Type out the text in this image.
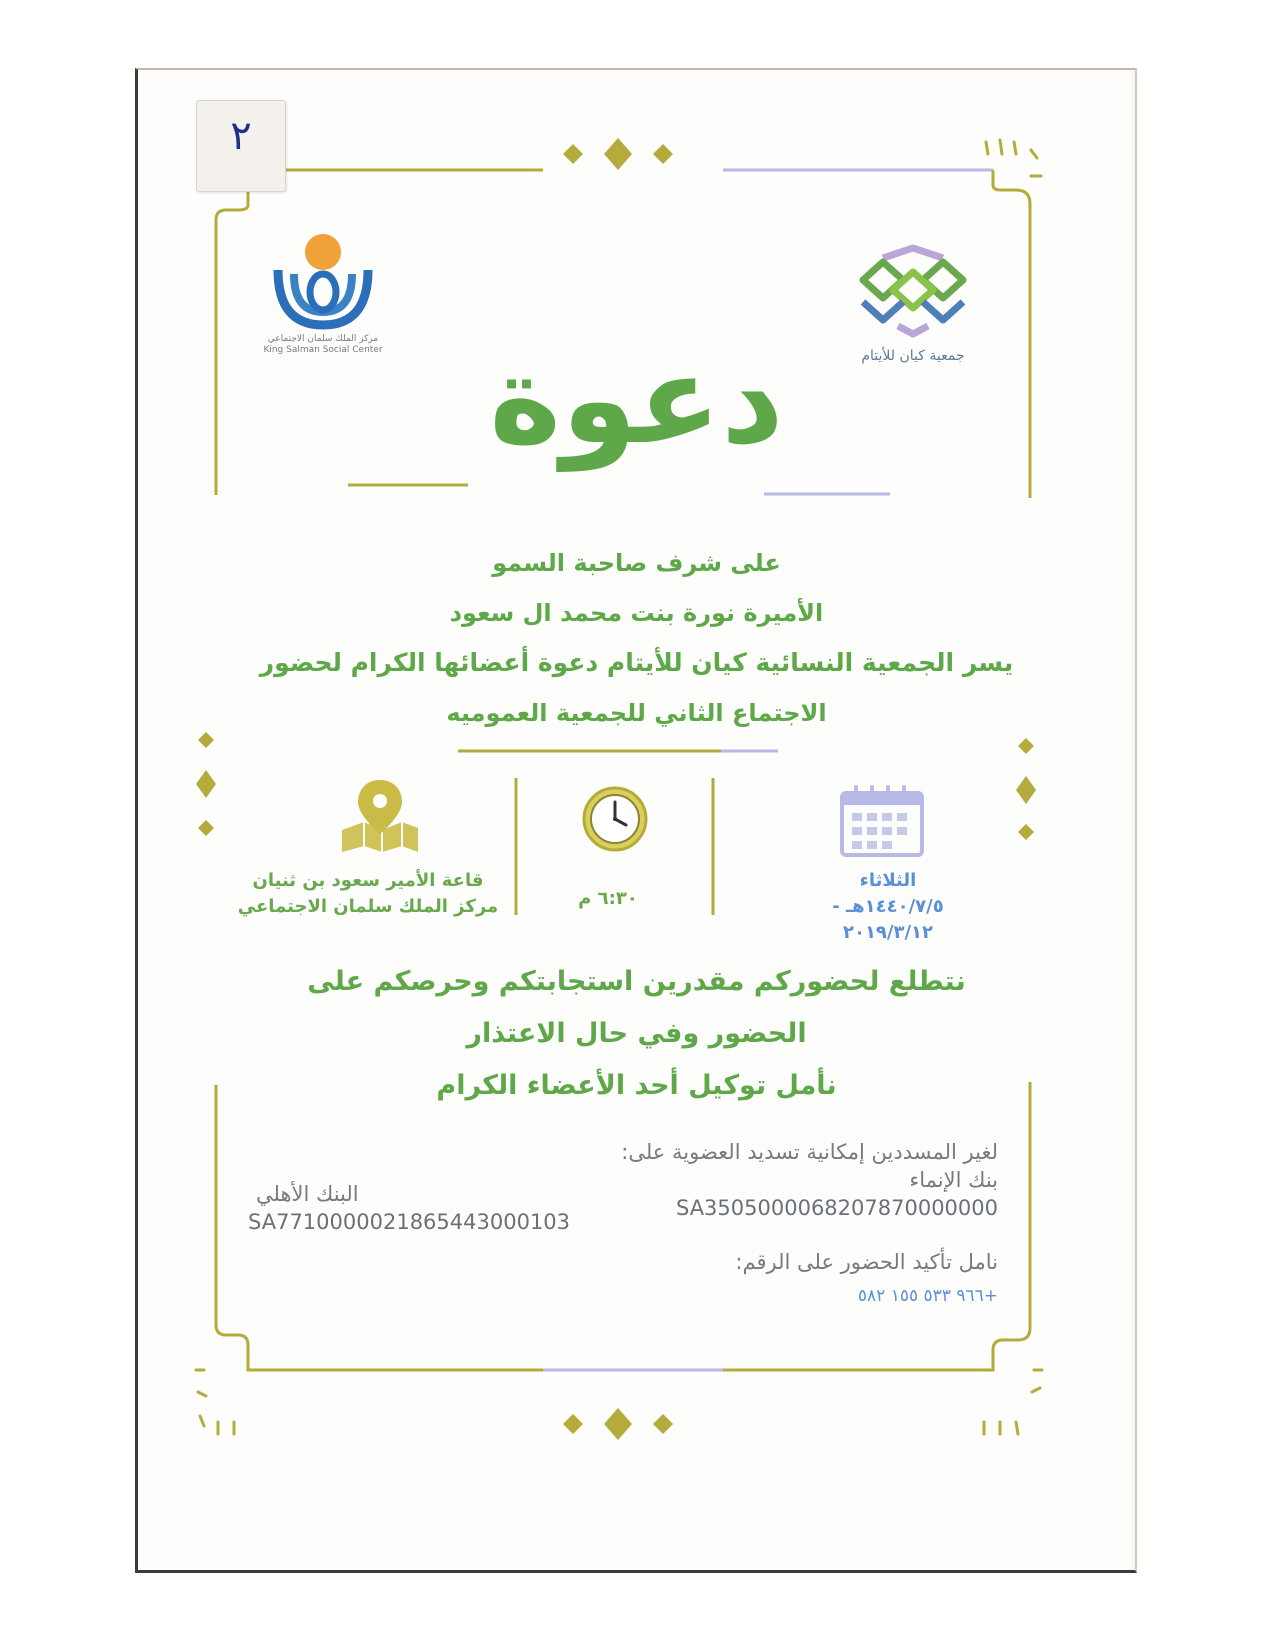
٢
مركز الملك سلمان الاجتماعي
King Salman Social Center	جمعية كيان للأيتام
دعوة

على شرف صاحبة السمو

الأميرة نورة بنت محمد ال سعود

يسر الجمعية النسائية كيان للأيتام دعوة أعضائها الكرام لحضور

الاجتماع الثاني للجمعية العموميه

الثلاثاء
١٤٤٠/٧/٥هـ - ٢٠١٩/٣/١٢
٦:٣٠ م
قاعة الأمير سعود بن ثنيان
مركز الملك سلمان الاجتماعي

نتطلع لحضوركم مقدرين استجابتكم وحرصكم على

الحضور وفي حال الاعتذار

نأمل توكيل أحد الأعضاء الكرام

لغير المسددين إمكانية تسديد العضوية على:

بنك الإنماء

SA3505000068207870000000

نامل تأكيد الحضور على الرقم:

+٩٦٦ ٥٣٣ ١٥٥ ٥٨٢

البنك الأهلي

SA7710000021865443000103
